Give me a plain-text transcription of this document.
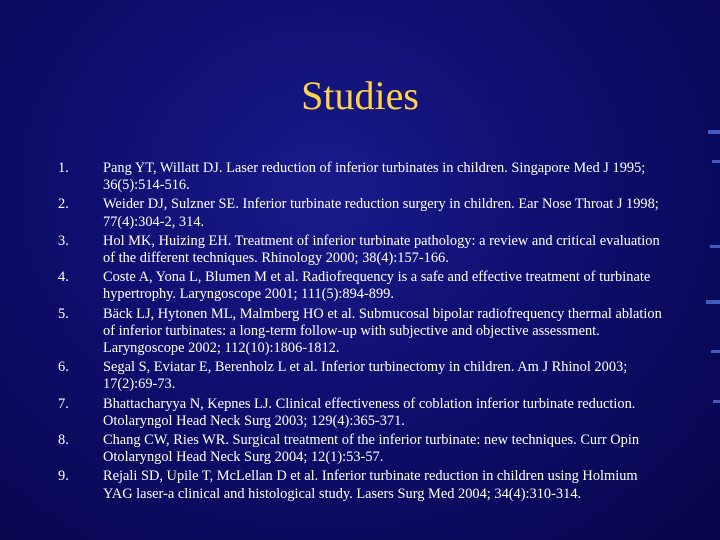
Studies
1.	Pang YT, Willatt DJ. Laser reduction of inferior turbinates in children. Singapore Med J 1995; 36(5):514-516.
2.	Weider DJ, Sulzner SE. Inferior turbinate reduction surgery in children. Ear Nose Throat J 1998; 77(4):304-2, 314.
3.	Hol MK, Huizing EH. Treatment of inferior turbinate pathology: a review and critical evaluation of the different techniques. Rhinology 2000; 38(4):157-166.
4.	Coste A, Yona L, Blumen M et al. Radiofrequency is a safe and effective treatment of turbinate hypertrophy. Laryngoscope 2001; 111(5):894-899.
5.	Bäck LJ, Hytonen ML, Malmberg HO et al. Submucosal bipolar radiofrequency thermal ablation of inferior turbinates: a long-term follow-up with subjective and objective assessment. Laryngoscope 2002; 112(10):1806-1812.
6.	Segal S, Eviatar E, Berenholz L et al. Inferior turbinectomy in children. Am J Rhinol 2003; 17(2):69-73.
7.	Bhattacharyya N, Kepnes LJ. Clinical effectiveness of coblation inferior turbinate reduction. Otolaryngol Head Neck Surg 2003; 129(4):365-371.
8.	Chang CW, Ries WR. Surgical treatment of the inferior turbinate: new techniques. Curr Opin Otolaryngol Head Neck Surg 2004; 12(1):53-57.
9.	Rejali SD, Upile T, McLellan D et al. Inferior turbinate reduction in children using Holmium YAG laser-a clinical and histological study. Lasers Surg Med 2004; 34(4):310-314.
